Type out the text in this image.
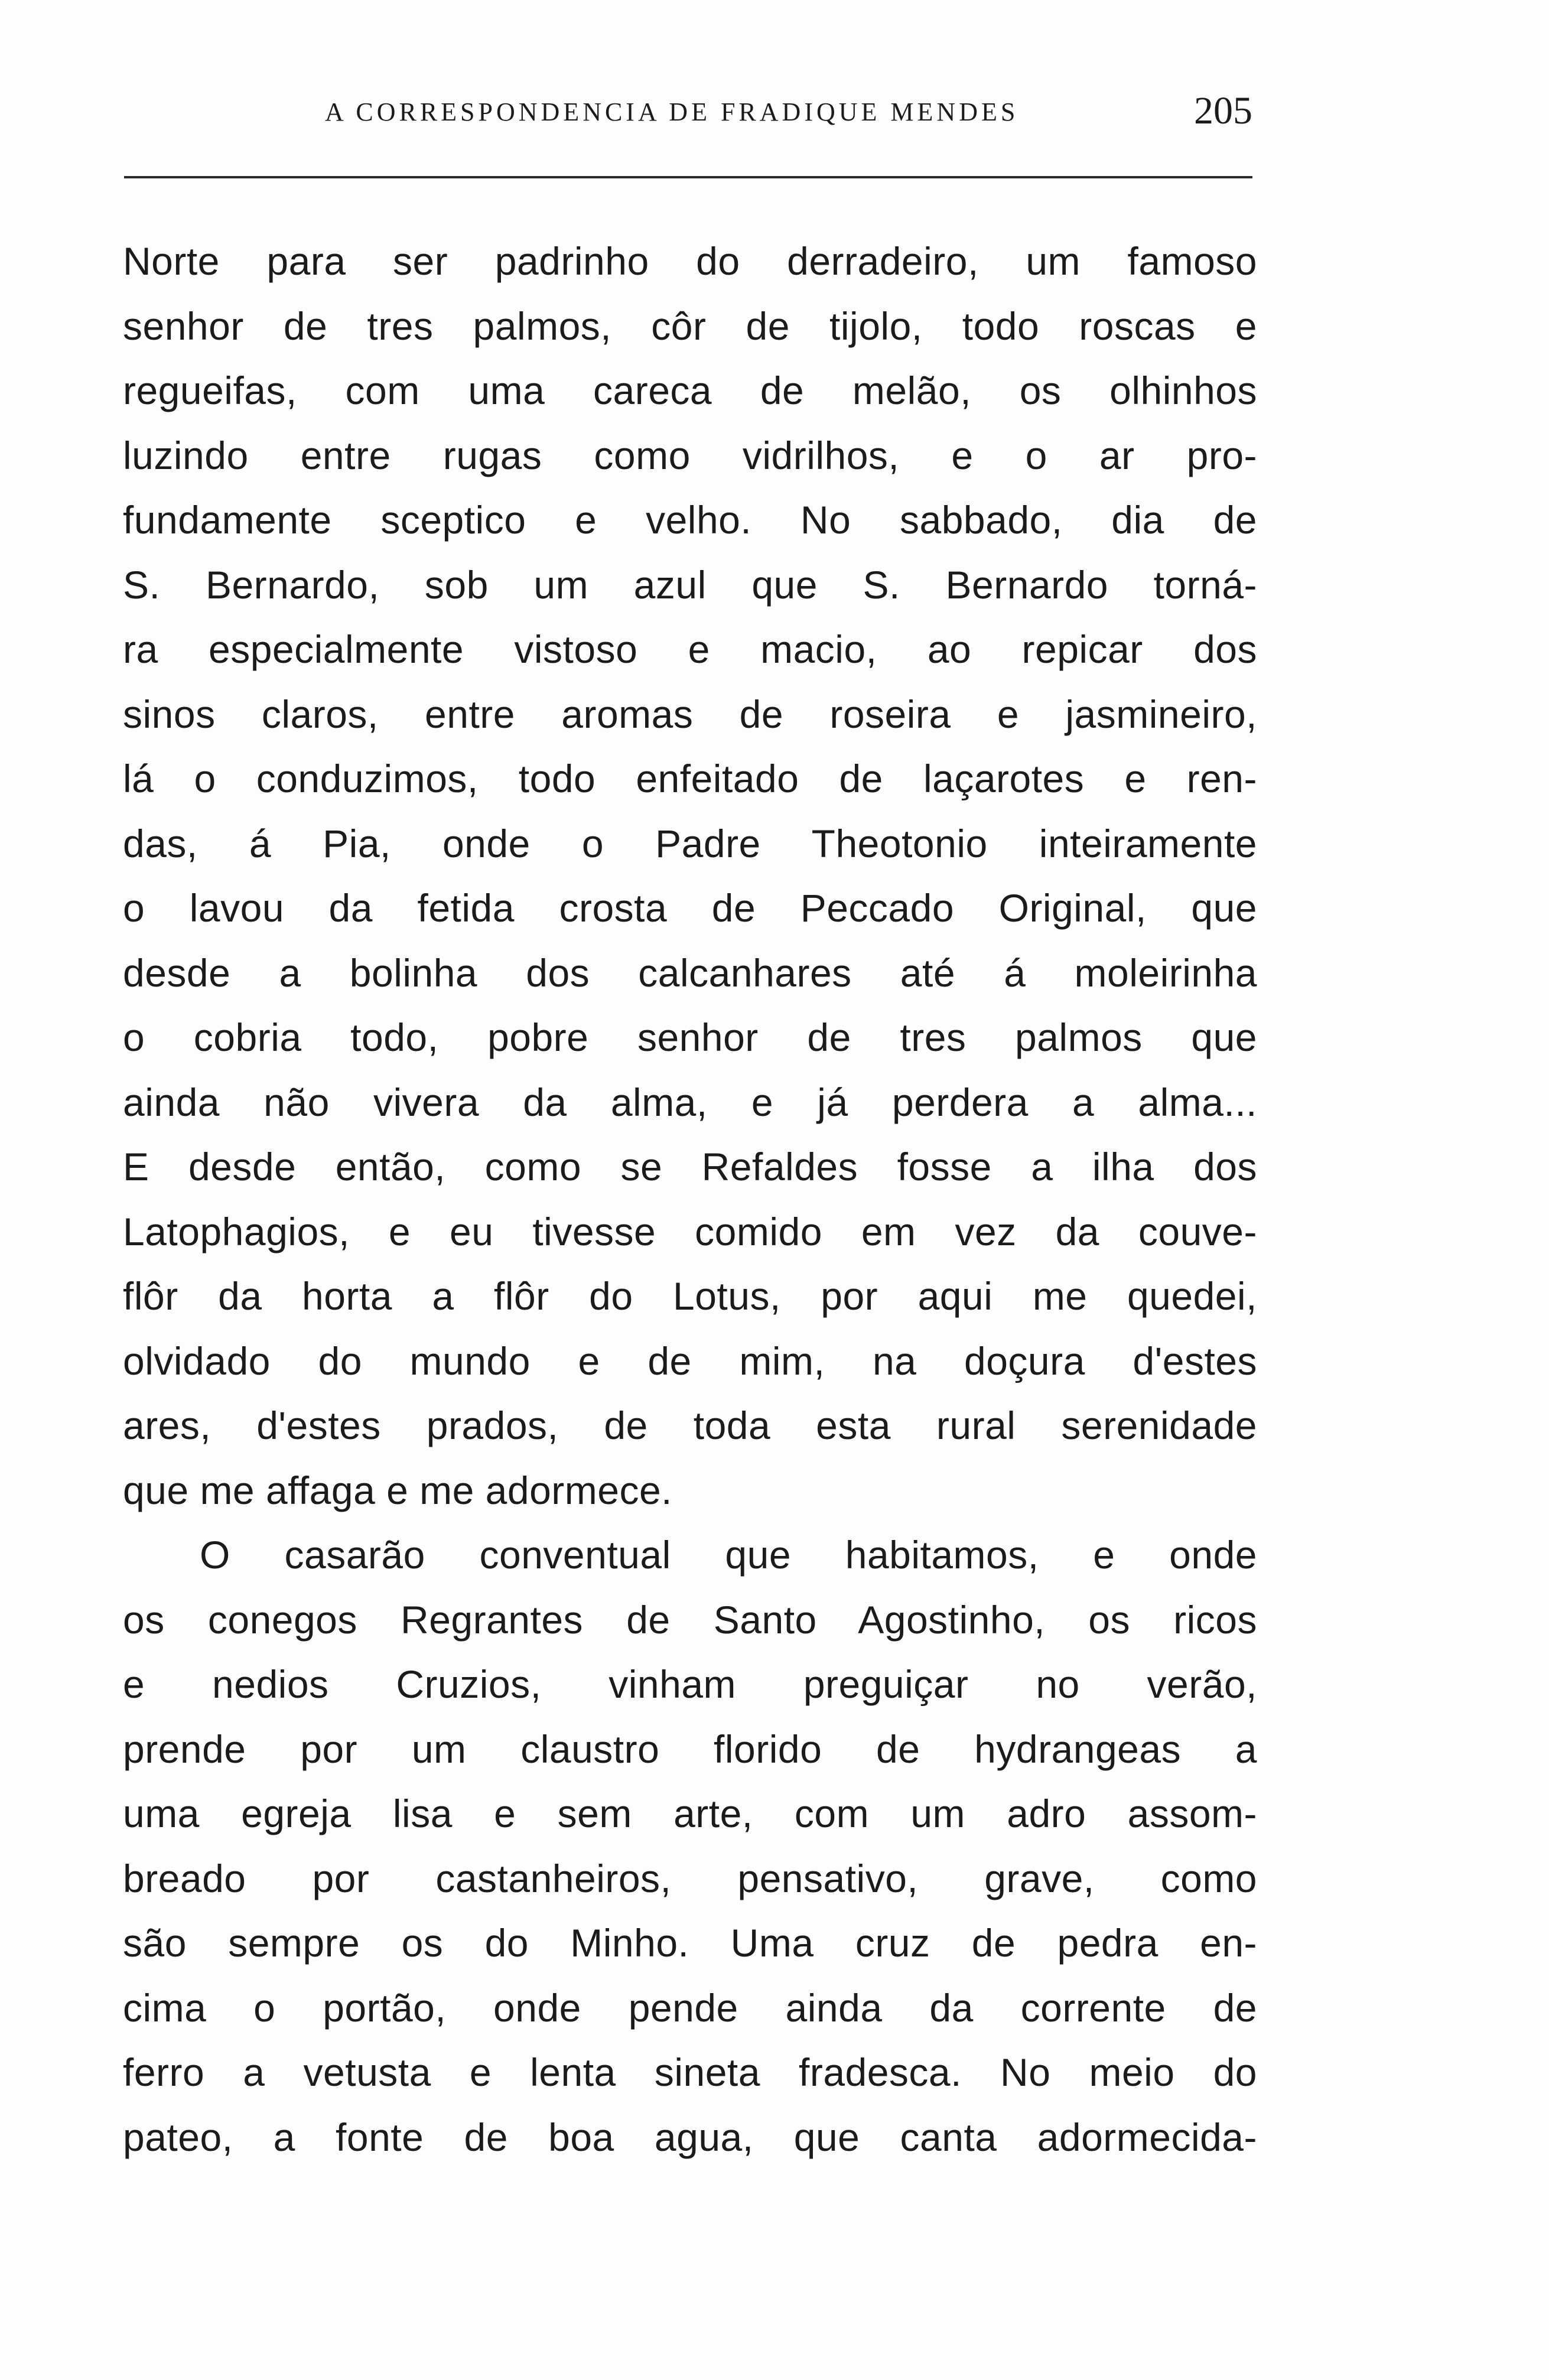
A CORRESPONDENCIA DE FRADIQUE MENDES	205
Norte para ser padrinho do derradeiro, um famoso
senhor de tres palmos, côr de tijolo, todo roscas e
regueifas, com uma careca de melão, os olhinhos
luzindo entre rugas como vidrilhos, e o ar pro-
fundamente sceptico e velho. No sabbado, dia de
S. Bernardo, sob um azul que S. Bernardo torná-
ra especialmente vistoso e macio, ao repicar dos
sinos claros, entre aromas de roseira e jasmineiro,
lá o conduzimos, todo enfeitado de laçarotes e ren-
das, á Pia, onde o Padre Theotonio inteiramente
o lavou da fetida crosta de Peccado Original, que
desde a bolinha dos calcanhares até á moleirinha
o cobria todo, pobre senhor de tres palmos que
ainda não vivera da alma, e já perdera a alma...
E desde então, como se Refaldes fosse a ilha dos
Latophagios, e eu tivesse comido em vez da couve-
flôr da horta a flôr do Lotus, por aqui me quedei,
olvidado do mundo e de mim, na doçura d'estes
ares, d'estes prados, de toda esta rural serenidade
que me affaga e me adormece.
O casarão conventual que habitamos, e onde
os conegos Regrantes de Santo Agostinho, os ricos
e nedios Cruzios, vinham preguiçar no verão,
prende por um claustro florido de hydrangeas a
uma egreja lisa e sem arte, com um adro assom-
breado por castanheiros, pensativo, grave, como
são sempre os do Minho. Uma cruz de pedra en-
cima o portão, onde pende ainda da corrente de
ferro a vetusta e lenta sineta fradesca. No meio do
pateo, a fonte de boa agua, que canta adormecida-
